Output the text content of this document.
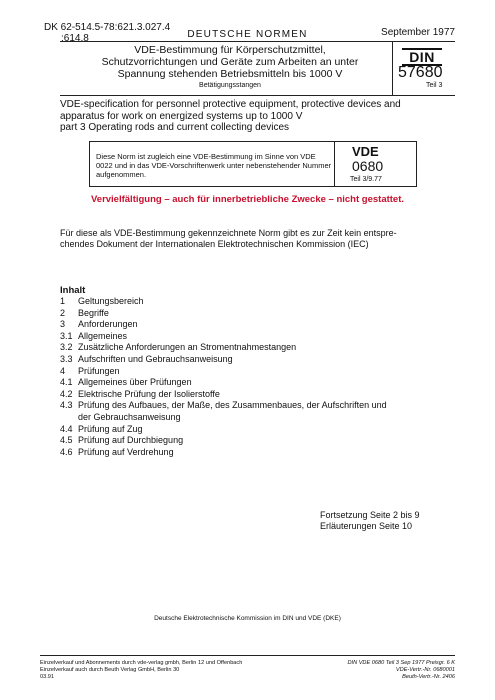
DK 62-514.5-78:621.3.027.4
:614.8	DEUTSCHE NORMEN	September 1977
VDE-Bestimmung für Körperschutzmittel,
Schutzvorrichtungen und Geräte zum Arbeiten an unter
Spannung stehenden Betriebsmitteln bis 1000 V
Betätigungsstangen
DIN
57680
Teil 3
VDE-specification for personnel protective equipment, protective devices and
apparatus for work on energized systems up to 1000 V
part 3 Operating rods and current collecting devices
Diese Norm ist zugleich eine VDE-Bestimmung im Sinne von VDE 0022 und in das VDE-Vorschriftenwerk unter nebenstehender Nummer aufgenommen.
VDE
0680
Teil 3/9.77
Vervielfältigung – auch für innerbetriebliche Zwecke – nicht gestattet.
Für diese als VDE-Bestimmung gekennzeichnete Norm gibt es zur Zeit kein entspre-
chendes Dokument der Internationalen Elektrotechnischen Kommission (IEC)
Inhalt
1	Geltungsbereich
2	Begriffe
3	Anforderungen
3.1 Allgemeines
3.2 Zusätzliche Anforderungen an Stromentnahmestangen
3.3 Aufschriften und Gebrauchsanweisung
4	Prüfungen
4.1 Allgemeines über Prüfungen
4.2 Elektrische Prüfung der Isolierstoffe
4.3 Prüfung des Aufbaues, der Maße, des Zusammenbaues, der Aufschriften und
der Gebrauchsanweisung
4.4 Prüfung auf Zug
4.5 Prüfung auf Durchbiegung
4.6 Prüfung auf Verdrehung
Fortsetzung Seite 2 bis 9
Erläuterungen Seite 10
Deutsche Elektrotechnische Kommission im DIN und VDE (DKE)
Einzelverkauf und Abonnements durch vde-verlag gmbh, Berlin 12 und Offenbach
Einzelverkauf auch durch Beuth Verlag GmbH, Berlin 30
03.91
DIN VDE 0680 Teil 3 Sep 1977 Preisgr. 6 K
VDE-Vertr.-Nr. 0680001
Beuth-Vertr.-Nr. 2406
